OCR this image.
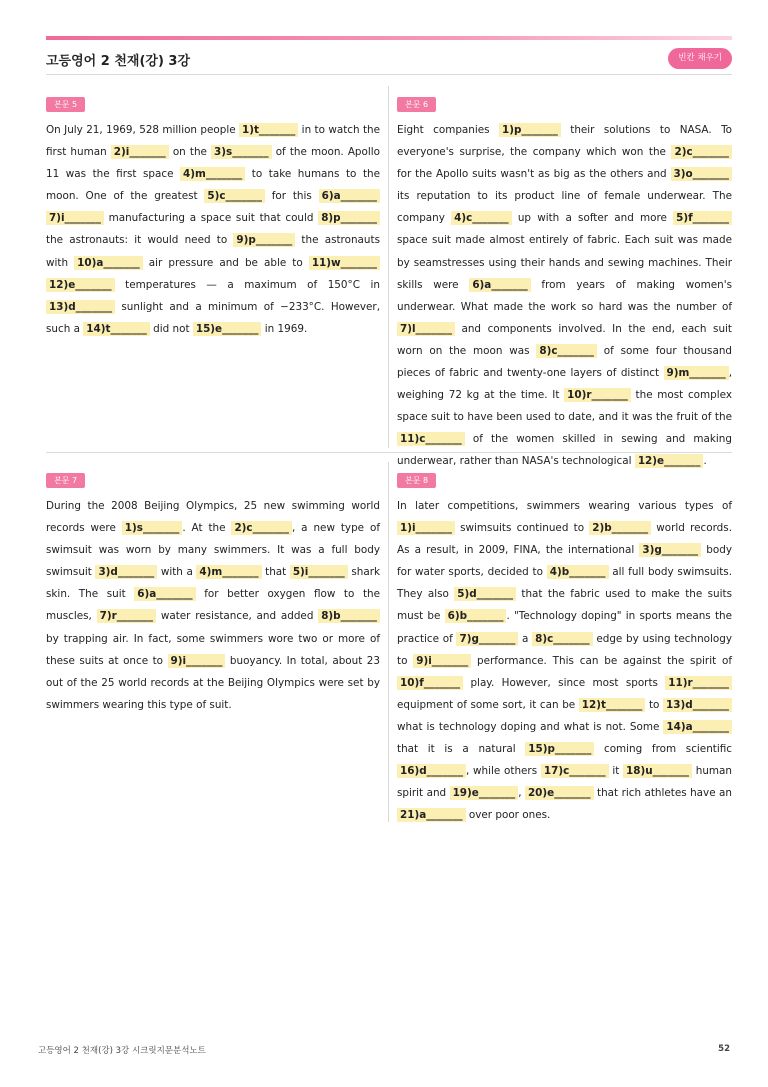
고등영어 2 천재(강) 3강	빈칸 채우기
본문 5
On July 21, 1969, 528 million people 1)t_______ in to watch the first human 2)i_______ on the 3)s_______ of the moon. Apollo 11 was the first space 4)m_______ to take humans to the moon. One of the greatest 5)c_______ for this 6)a_______ 7)i_______ manufacturing a space suit that could 8)p_______ the astronauts: it would need to 9)p_______ the astronauts with 10)a_______ air pressure and be able to 11)w_______ 12)e_______ temperatures — a maximum of 150°C in 13)d_______ sunlight and a minimum of −233°C. However, such a 14)t_______ did not 15)e_______ in 1969.
본문 6
Eight companies 1)p_______ their solutions to NASA. To everyone's surprise, the company which won the 2)c_______ for the Apollo suits wasn't as big as the others and 3)o_______ its reputation to its product line of female underwear. The company 4)c_______ up with a softer and more 5)f_______ space suit made almost entirely of fabric. Each suit was made by seamstresses using their hands and sewing machines. Their skills were 6)a_______ from years of making women's underwear. What made the work so hard was the number of 7)l_______ and components involved. In the end, each suit worn on the moon was 8)c_______ of some four thousand pieces of fabric and twenty-one layers of distinct 9)m_______ , weighing 72 kg at the time. It 10)r_______ the most complex space suit to have been used to date, and it was the fruit of the 11)c_______ of the women skilled in sewing and making underwear, rather than NASA's technological 12)e_______ .
본문 7
During the 2008 Beijing Olympics, 25 new swimming world records were 1)s_______ . At the 2)c_______ , a new type of swimsuit was worn by many swimmers. It was a full body swimsuit 3)d_______ with a 4)m_______ that 5)i_______ shark skin. The suit 6)a_______ for better oxygen flow to the muscles, 7)r_______ water resistance, and added 8)b_______ by trapping air. In fact, some swimmers wore two or more of these suits at once to 9)i_______ buoyancy. In total, about 23 out of the 25 world records at the Beijing Olympics were set by swimmers wearing this type of suit.
본문 8
In later competitions, swimmers wearing various types of 1)i_______ swimsuits continued to 2)b_______ world records. As a result, in 2009, FINA, the international 3)g_______ body for water sports, decided to 4)b_______ all full body swimsuits. They also 5)d_______ that the fabric used to make the suits must be 6)b_______ . "Technology doping" in sports means the practice of 7)g_______ a 8)c_______ edge by using technology to 9)i_______ performance. This can be against the spirit of 10)f_______ play. However, since most sports 11)r_______ equipment of some sort, it can be 12)t_______ to 13)d_______ what is technology doping and what is not. Some 14)a_______ that it is a natural 15)p_______ coming from scientific 16)d_______ , while others 17)c_______ it 18)u_______ human spirit and 19)e_______ , 20)e_______ that rich athletes have an 21)a_______ over poor ones.
고등영어 2 천재(강) 3강 시크릿지문분석노트	52
